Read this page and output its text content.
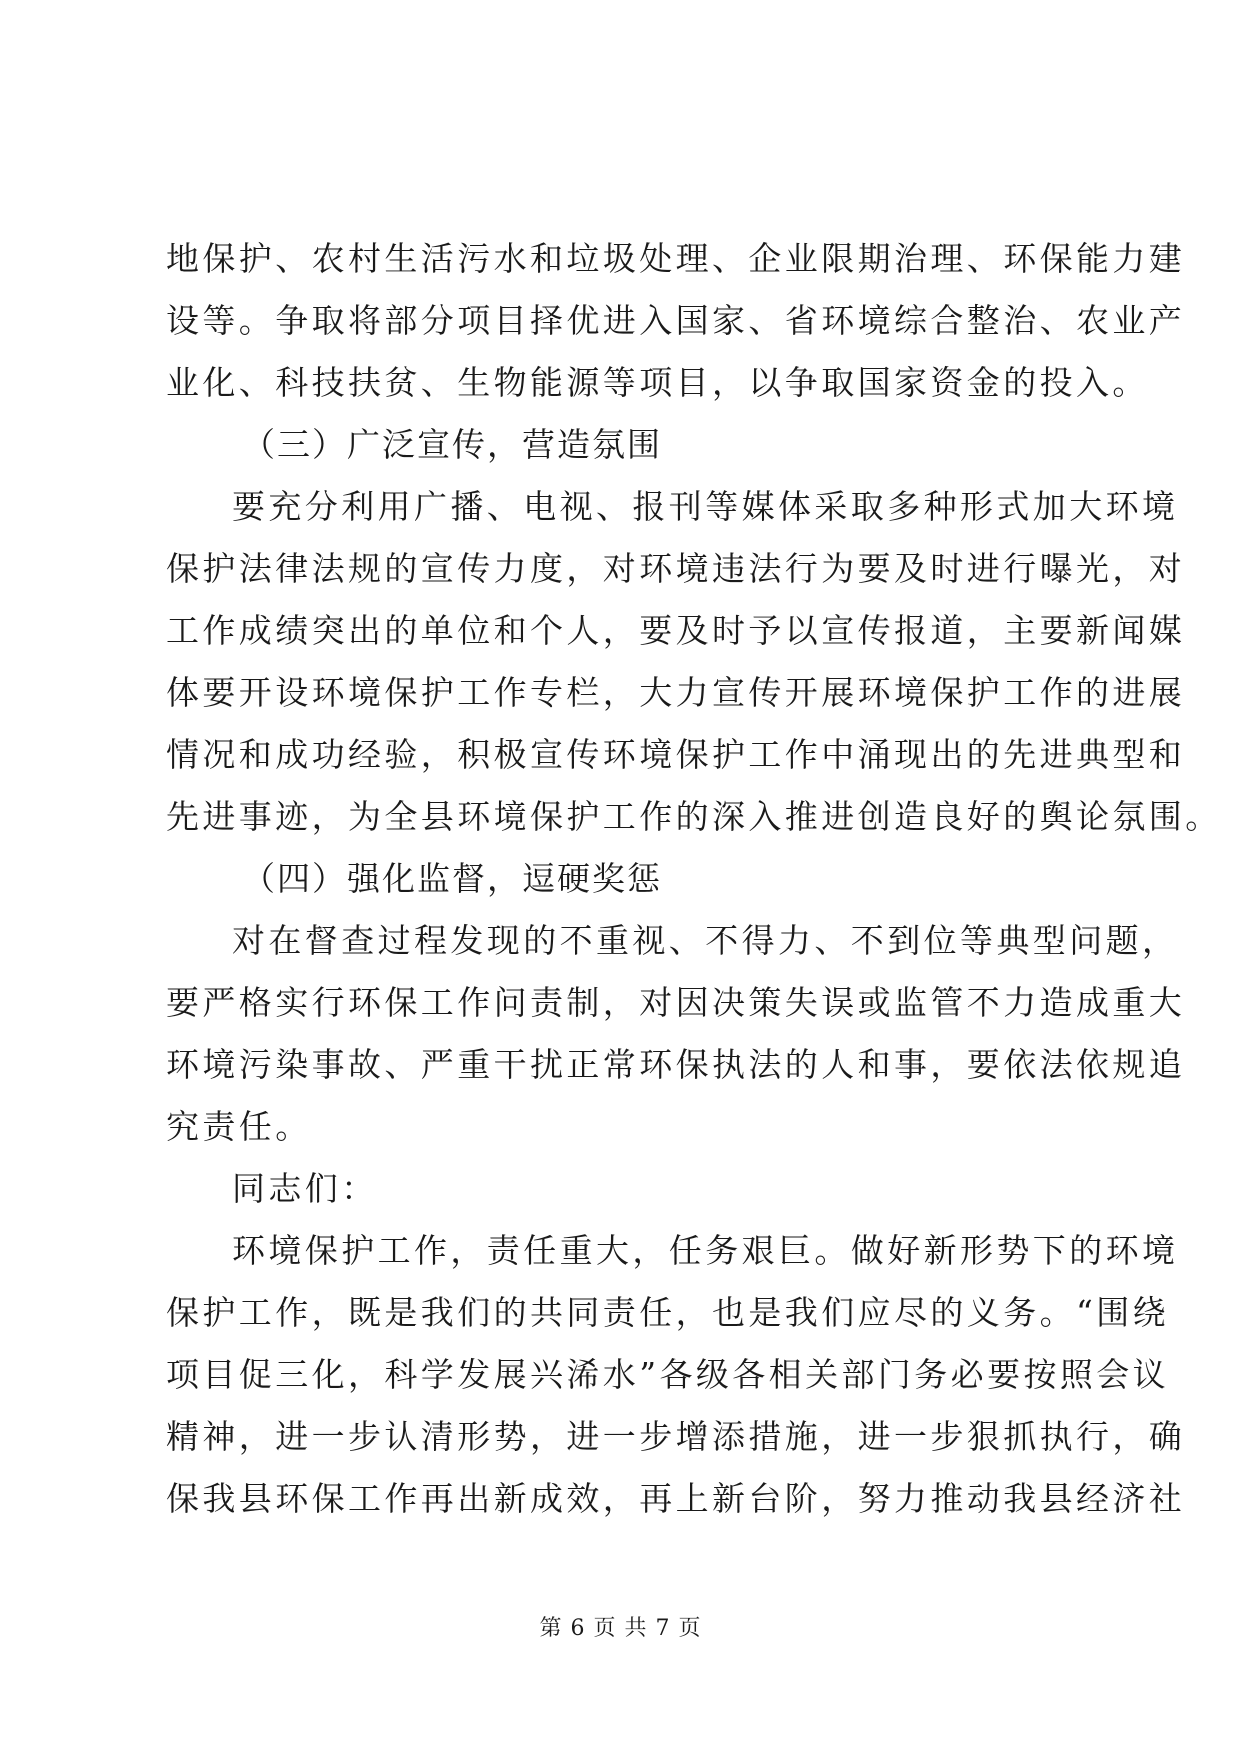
地保护、农村生活污水和垃圾处理、企业限期治理、环保能力建
设等。争取将部分项目择优进入国家、省环境综合整治、农业产
业化、科技扶贫、生物能源等项目，以争取国家资金的投入。
（三）广泛宣传，营造氛围
要充分利用广播、电视、报刊等媒体采取多种形式加大环境
保护法律法规的宣传力度，对环境违法行为要及时进行曝光，对
工作成绩突出的单位和个人，要及时予以宣传报道，主要新闻媒
体要开设环境保护工作专栏，大力宣传开展环境保护工作的进展
情况和成功经验，积极宣传环境保护工作中涌现出的先进典型和
先进事迹，为全县环境保护工作的深入推进创造良好的舆论氛围。
（四）强化监督，逗硬奖惩
对在督查过程发现的不重视、不得力、不到位等典型问题，
要严格实行环保工作问责制，对因决策失误或监管不力造成重大
环境污染事故、严重干扰正常环保执法的人和事，要依法依规追
究责任。
同志们：
环境保护工作，责任重大，任务艰巨。做好新形势下的环境
保护工作，既是我们的共同责任，也是我们应尽的义务。“围绕
项目促三化，科学发展兴浠水”各级各相关部门务必要按照会议
精神，进一步认清形势，进一步增添措施，进一步狠抓执行，确
保我县环保工作再出新成效，再上新台阶，努力推动我县经济社
第 6 页 共 7 页
